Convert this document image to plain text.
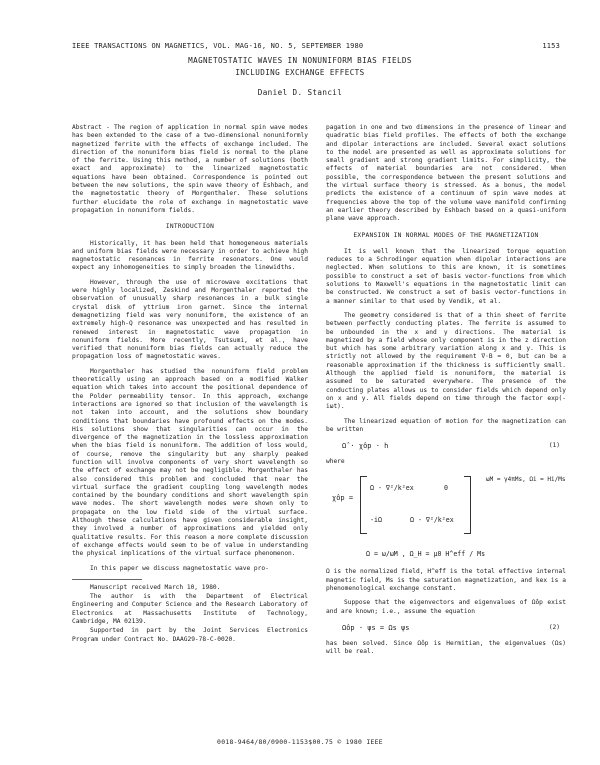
IEEE TRANSACTIONS ON MAGNETICS, VOL. MAG-16, NO. 5, SEPTEMBER 1980	1153
MAGNETOSTATIC WAVES IN NONUNIFORM BIAS FIELDS
INCLUDING EXCHANGE EFFECTS
Daniel D. Stancil

Abstract - The region of application in normal spin wave modes has been extended to the case of a two-dimensional nonuniformly magnetized ferrite with the effects of exchange included. The direction of the nonuniform bias field is normal to the plane of the ferrite. Using this method, a number of solutions (both exact and approximate) to the linearized magnetostatic equations have been obtained. Correspondence is pointed out between the new solutions, the spin wave theory of Eshbach, and the magnetostatic theory of Morgenthaler. These solutions further elucidate the role of exchange in magnetostatic wave propagation in nonuniform fields.

INTRODUCTION

Historically, it has been held that homogeneous materials and uniform bias fields were necessary in order to achieve high magnetostatic resonances in ferrite resonators. One would expect any inhomogeneities to simply broaden the linewidths.

However, through the use of microwave excitations that were highly localized, Zeskind and Morgenthaler reported the observation of unusually sharp resonances in a bulk single crystal disk of yttrium iron garnet. Since the internal demagnetizing field was very nonuniform, the existence of an extremely high-Q resonance was unexpected and has resulted in renewed interest in magnetostatic wave propagation in nonuniform fields. More recently, Tsutsumi, et al., have verified that nonuniform bias fields can actually reduce the propagation loss of magnetostatic waves.

Morgenthaler has studied the nonuniform field problem theoretically using an approach based on a modified Walker equation which takes into account the positional dependence of the Polder permeability tensor. In this approach, exchange interactions are ignored so that inclusion of the wavelength is not taken into account, and the solutions show boundary conditions that boundaries have profound effects on the modes. His solutions show that singularities can occur in the divergence of the magnetization in the lossless approximation when the bias field is nonuniform. The addition of loss would, of course, remove the singularity but any sharply peaked function will involve components of very short wavelength so the effect of exchange may not be negligible. Morgenthaler has also considered this problem and concluded that near the virtual surface the gradient coupling long wavelength modes contained by the boundary conditions and short wavelength spin wave modes. The short wavelength modes were shown only to propagate on the low field side of the virtual surface. Although these calculations have given considerable insight, they involved a number of approximations and yielded only qualitative results. For this reason a more complete discussion of exchange effects would seem to be of value in understanding the physical implications of the virtual surface phenomenon.

In this paper we discuss magnetostatic wave pro-

Manuscript received March 10, 1980.

The author is with the Department of Electrical Engineering and Computer Science and the Research Laboratory of Electronics at Massachusetts Institute of Technology, Cambridge, MA 02139.

Supported in part by the Joint Services Electronics Program under Contract No. DAAG29-78-C-0020.

pagation in one and two dimensions in the presence of linear and quadratic bias field profiles. The effects of both the exchange and dipolar interactions are included. Several exact solutions to the model are presented as well as approximate solutions for small gradient and strong gradient limits. For simplicity, the effects of material boundaries are not considered. When possible, the correspondence between the present solutions and the virtual surface theory is stressed. As a bonus, the model predicts the existence of a continuum of spin wave modes at frequencies above the top of the volume wave manifold confirming an earlier theory described by Eshbach based on a quasi-uniform plane wave approach.

EXPANSION IN NORMAL MODES OF THE MAGNETIZATION

It is well known that the linearized torque equation reduces to a Schrodinger equation when dipolar interactions are neglected. When solutions to this are known, it is sometimes possible to construct a set of basis vector-functions from which solutions to Maxwell's equations in the magnetostatic limit can be constructed. We construct a set of basis vector-functions in a manner similar to that used by Vendik, et al.

The geometry considered is that of a thin sheet of ferrite between perfectly conducting plates. The ferrite is assumed to be unbounded in the x and y directions. The material is magnetized by a field whose only component is in the z direction but which has some arbitrary variation along x and y. This is strictly not allowed by the requirement ∇·B = 0, but can be a reasonable approximation if the thickness is sufficiently small. Although the applied field is nonuniform, the material is assumed to be saturated everywhere. The presence of the conducting plates allows us to consider fields which depend only on x and y. All fields depend on time through the factor exp(-iωt).

The linearized equation of motion for the magnetization can be written

Ω̂ · χ̂op · h	(1)

where

χ̂op =
Ω - ∇²/k²ex	0
-iΩ	Ω - ∇²/k²ex
ωM = γ4πMs, Ωi = Hi/Ms
Ω = ω/ωM , Ω_H = μ0 H^eff / Ms

Ω is the normalized field, H^eff is the total effective internal magnetic field, Ms is the saturation magnetization, and kex is a phenomenological exchange constant.

Suppose that the eigenvectors and eigenvalues of Ω̂op exist and are known; i.e., assume the equation

Ω̂op · ψs = Ωs ψs	(2)

has been solved. Since Ω̂op is Hermitian, the eigenvalues (Ωs) will be real.

0018-9464/80/0900-1153$00.75 © 1980 IEEE
